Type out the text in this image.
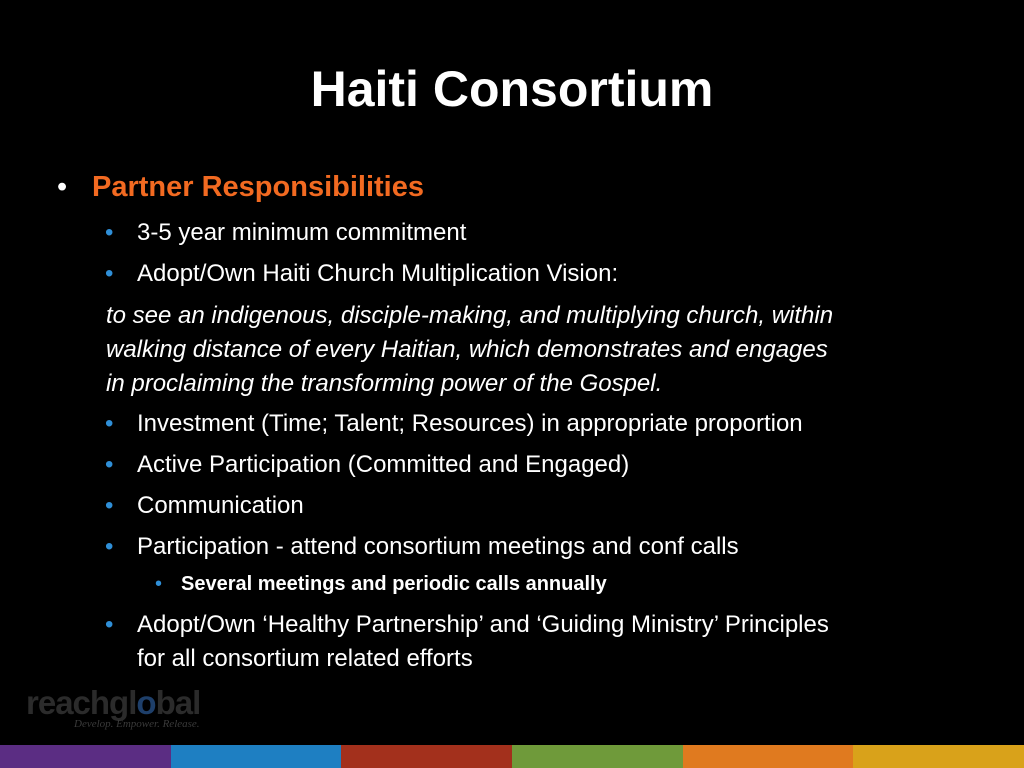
Haiti Consortium
• Partner Responsibilities
• 3-5 year minimum commitment
• Adopt/Own Haiti Church Multiplication Vision:
to see an indigenous, disciple-making, and multiplying church, within
walking distance of every Haitian, which demonstrates and engages
in proclaiming the transforming power of the Gospel.
• Investment (Time; Talent; Resources) in appropriate proportion
• Active Participation (Committed and Engaged)
• Communication
• Participation - attend consortium meetings and conf calls
• Several meetings and periodic calls annually
• Adopt/Own ‘Healthy Partnership’ and ‘Guiding Ministry’ Principles
for all consortium related efforts
reachglobal
Develop. Empower. Release.
